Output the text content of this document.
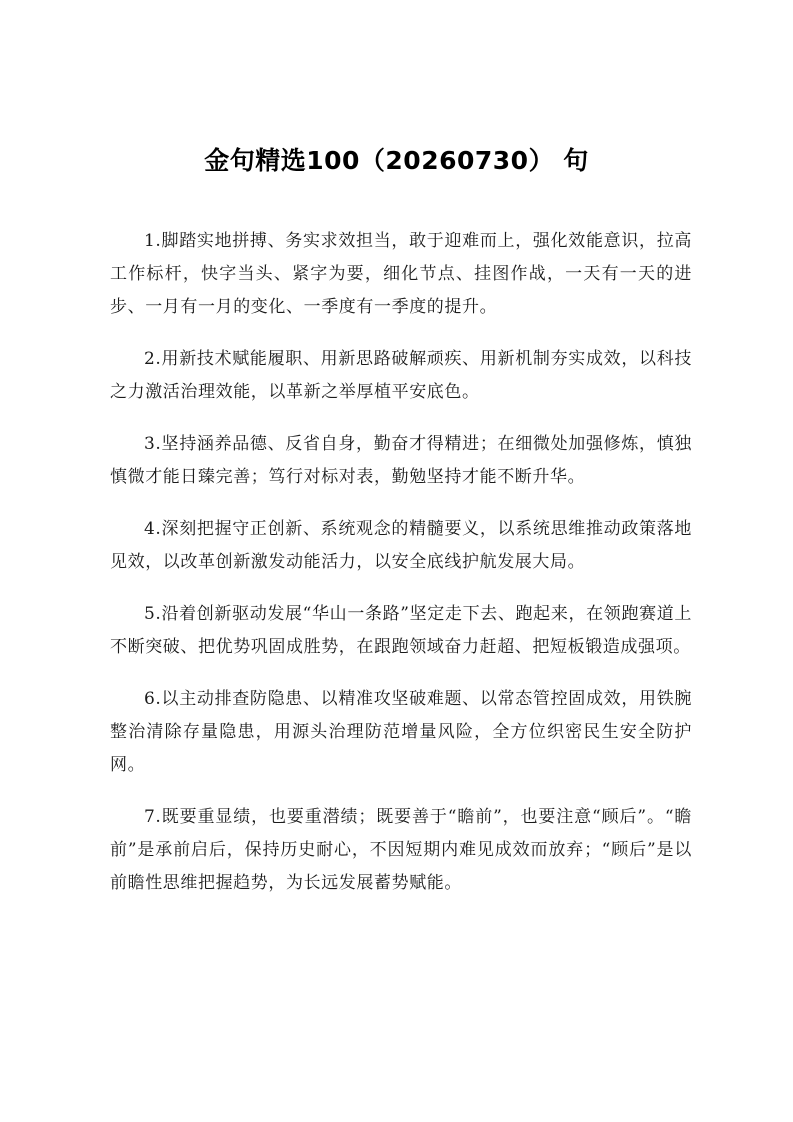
金句精选100（20260730） 句

1.脚踏实地拼搏、务实求效担当，敢于迎难而上，强化效能意识，拉高工作标杆，快字当头、紧字为要，细化节点、挂图作战，一天有一天的进步、一月有一月的变化、一季度有一季度的提升。

2.用新技术赋能履职、用新思路破解顽疾、用新机制夯实成效，以科技之力激活治理效能，以革新之举厚植平安底色。

3.坚持涵养品德、反省自身，勤奋才得精进；在细微处加强修炼，慎独慎微才能日臻完善；笃行对标对表，勤勉坚持才能不断升华。

4.深刻把握守正创新、系统观念的精髓要义，以系统思维推动政策落地见效，以改革创新激发动能活力，以安全底线护航发展大局。

5.沿着创新驱动发展“华山一条路”坚定走下去、跑起来，在领跑赛道上不断突破、把优势巩固成胜势，在跟跑领域奋力赶超、把短板锻造成强项。

6.以主动排查防隐患、以精准攻坚破难题、以常态管控固成效，用铁腕整治清除存量隐患，用源头治理防范增量风险，全方位织密民生安全防护网。

7.既要重显绩，也要重潜绩；既要善于“瞻前”，也要注意“顾后”。“瞻前”是承前启后，保持历史耐心，不因短期内难见成效而放弃；“顾后”是以前瞻性思维把握趋势，为长远发展蓄势赋能。
